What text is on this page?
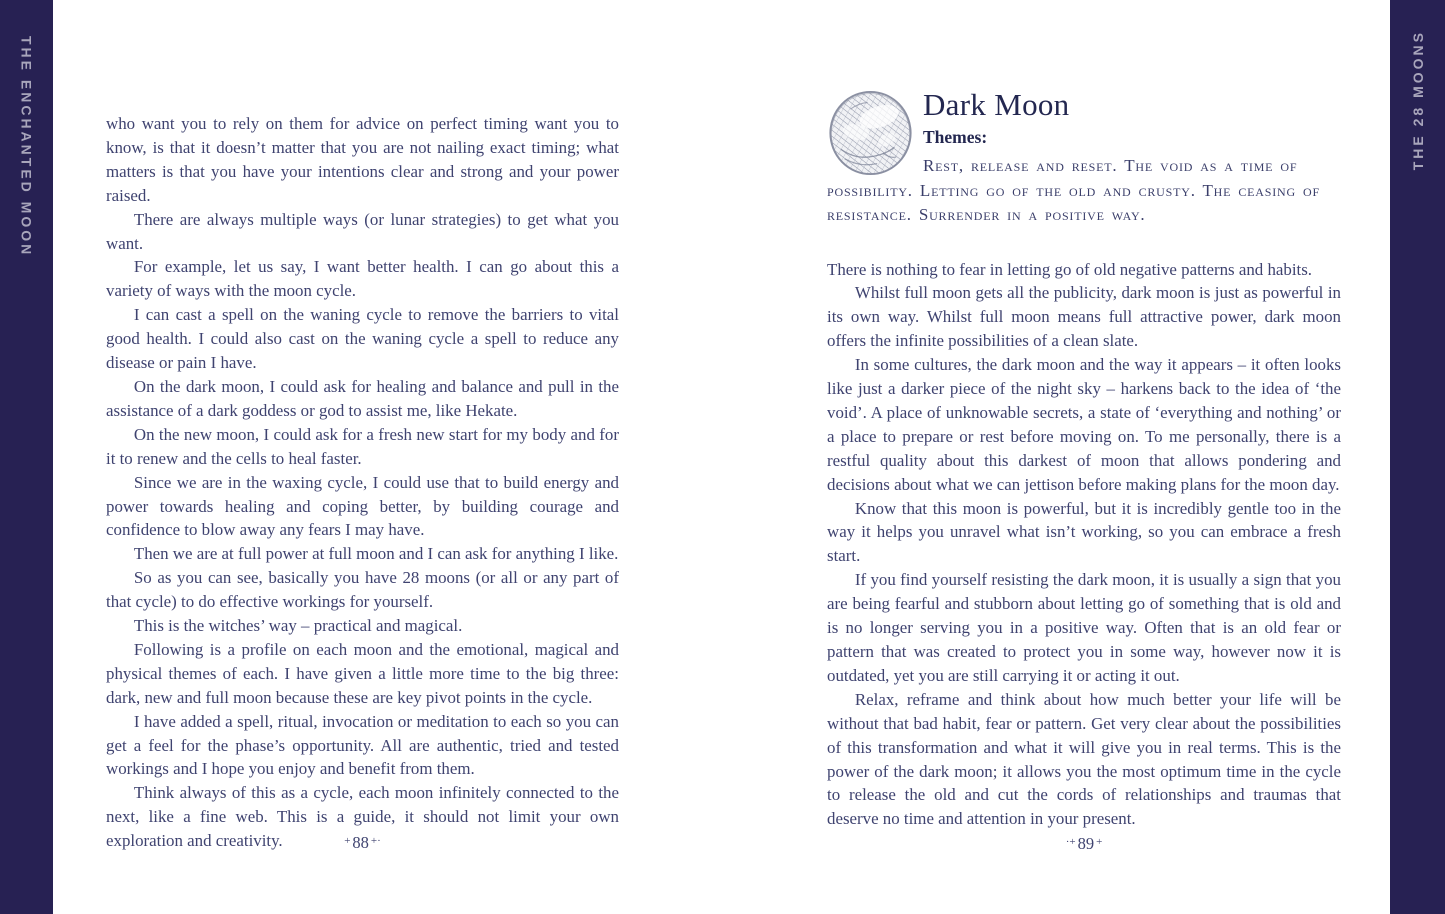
THE ENCHANTED MOON	THE 28 MOONS

who want you to rely on them for advice on perfect timing want you to know, is that it doesn’t matter that you are not nailing exact timing; what matters is that you have your intentions clear and strong and your power raised.

There are always multiple ways (or lunar strategies) to get what you want.

For example, let us say, I want better health. I can go about this a variety of ways with the moon cycle.

I can cast a spell on the waning cycle to remove the barriers to vital good health. I could also cast on the waning cycle a spell to reduce any disease or pain I have.

On the dark moon, I could ask for healing and balance and pull in the assistance of a dark goddess or god to assist me, like Hekate.

On the new moon, I could ask for a fresh new start for my body and for it to renew and the cells to heal faster.

Since we are in the waxing cycle, I could use that to build energy and power towards healing and coping better, by building courage and confidence to blow away any fears I may have.

Then we are at full power at full moon and I can ask for anything I like.

So as you can see, basically you have 28 moons (or all or any part of that cycle) to do effective workings for yourself.

This is the witches’ way – practical and magical.

Following is a profile on each moon and the emotional, magical and physical themes of each. I have given a little more time to the big three: dark, new and full moon because these are key pivot points in the cycle.

I have added a spell, ritual, invocation or meditation to each so you can get a feel for the phase’s opportunity. All are authentic, tried and tested workings and I hope you enjoy and benefit from them.

Think always of this as a cycle, each moon infinitely connected to the next, like a fine web. This is a guide, it should not limit your own exploration and creativity.	+ 88 +·
Dark Moon
Themes:
Rest, release and reset. The void as a time of possibility. Letting go of the old and crusty. The ceasing of resistance. Surrender in a positive way.

There is nothing to fear in letting go of old negative patterns and habits.

Whilst full moon gets all the publicity, dark moon is just as powerful in its own way. Whilst full moon means full attractive power, dark moon offers the infinite possibilities of a clean slate.

In some cultures, the dark moon and the way it appears – it often looks like just a darker piece of the night sky – harkens back to the idea of ‘the void’. A place of unknowable secrets, a state of ‘everything and nothing’ or a place to prepare or rest before moving on. To me personally, there is a restful quality about this darkest of moon that allows pondering and decisions about what we can jettison before making plans for the moon day.

Know that this moon is powerful, but it is incredibly gentle too in the way it helps you unravel what isn’t working, so you can embrace a fresh start.

If you find yourself resisting the dark moon, it is usually a sign that you are being fearful and stubborn about letting go of something that is old and is no longer serving you in a positive way. Often that is an old fear or pattern that was created to protect you in some way, however now it is outdated, yet you are still carrying it or acting it out.

Relax, reframe and think about how much better your life will be without that bad habit, fear or pattern. Get very clear about the possibilities of this transformation and what it will give you in real terms. This is the power of the dark moon; it allows you the most optimum time in the cycle to release the old and cut the cords of relationships and traumas that deserve no time and attention in your present.

·+ 89 +
